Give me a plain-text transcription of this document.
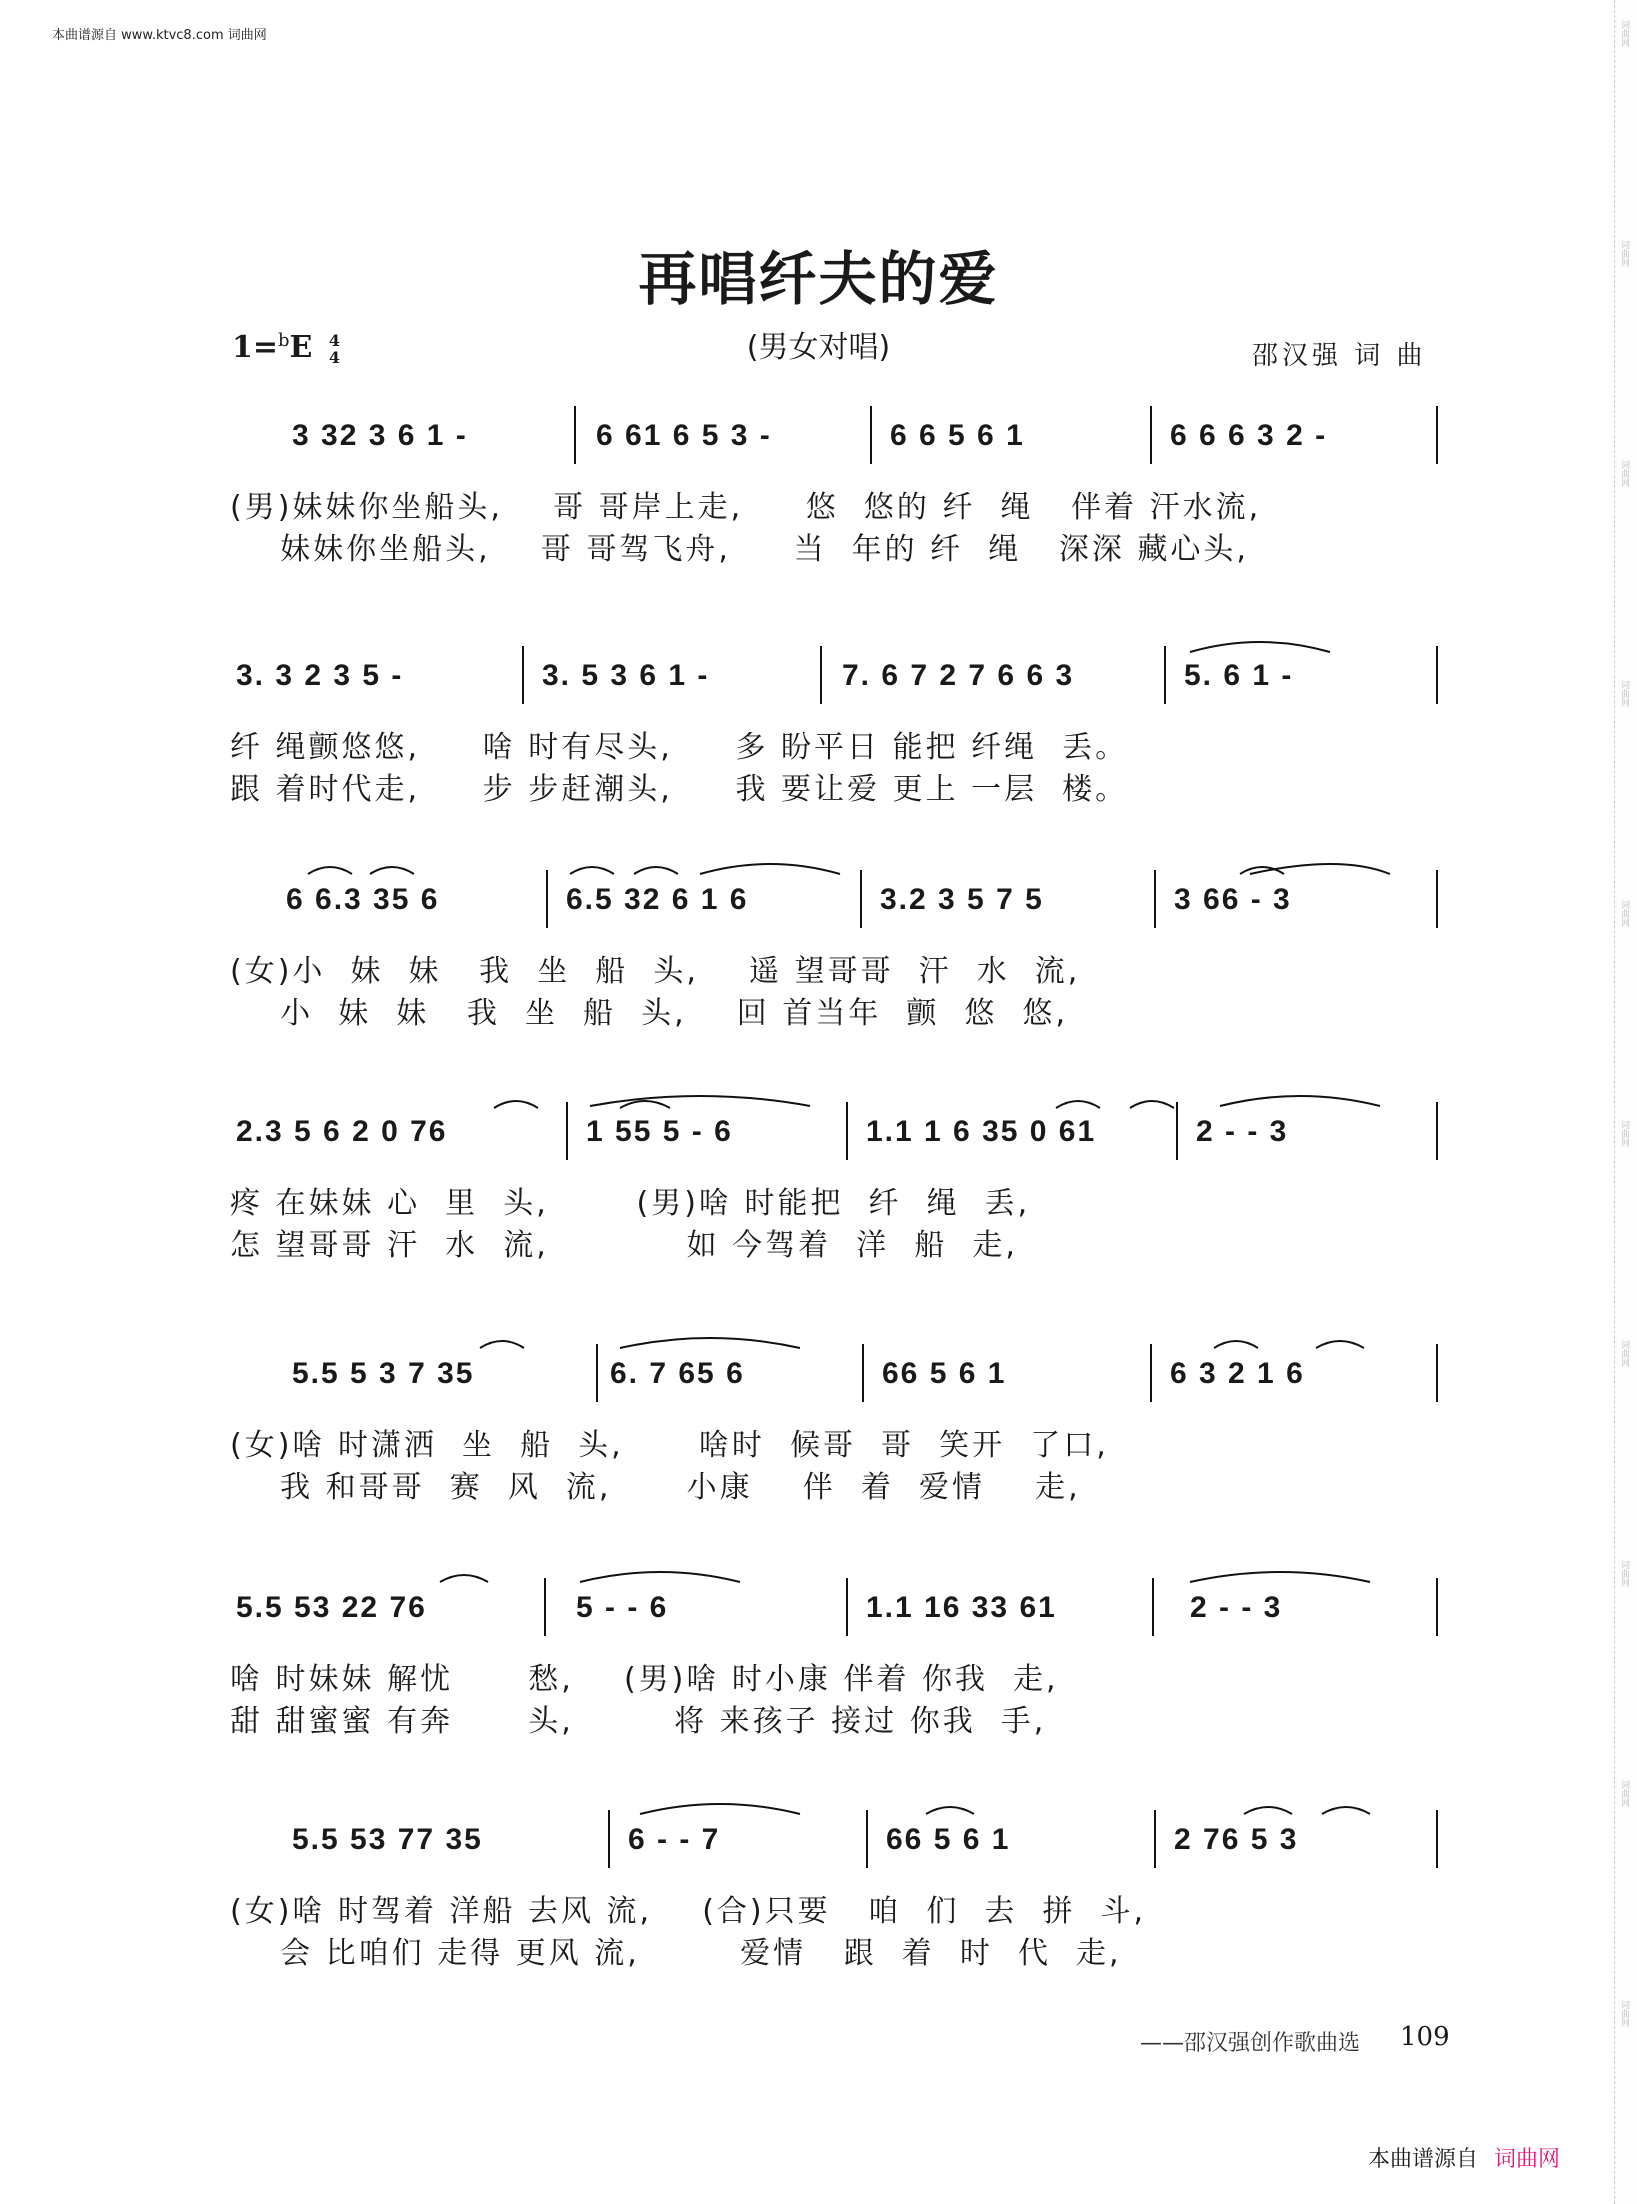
本曲谱源自 www.ktvc8.com 词曲网	词曲网
词曲网
词曲网
词曲网
词曲网
词曲网
词曲网
词曲网
词曲网
词曲网
再唱纤夫的爱
(男女对唱)
1=$^b$E 4
4	邵汉强 词 曲
3 32 3 6 1 -	6 61 6 5 3 -	6 6 5 6 1	6 6 6 3 2 -
(男)妹妹你坐船头,    哥 哥岸上走,     悠  悠的 纤  绳   伴着 汗水流,
妹妹你坐船头,    哥 哥驾飞舟,     当  年的 纤  绳   深深 藏心头,
3. 3 2 3 5 -	3. 5 3 6 1 -	7. 6 7 2 7 6 6 3	5. 6 1 -
纤 绳颤悠悠,     啥 时有尽头,     多 盼平日 能把 纤绳  丢。
跟 着时代走,     步 步赶潮头,     我 要让爱 更上 一层  楼。
6 6.3 35 6	6.5 32 6 1 6	3.2 3 5 7 5	3 66 - 3
(女)小  妹  妹   我  坐  船  头,    遥 望哥哥  汗  水  流,
小  妹  妹   我  坐  船  头,    回 首当年  颤  悠  悠,
2.3 5 6 2 0 76	1 55 5 - 6	1.1 1 6 35 0 61	2 - - 3
疼 在妹妹 心  里  头,       (男)啥 时能把  纤  绳  丢,
怎 望哥哥 汗  水  流,           如 今驾着  洋  船  走,
5.5 5 3 7 35	6. 7 65 6	66 5 6 1	6 3 2 1 6
(女)啥 时潇洒  坐  船  头,      啥时  候哥  哥  笑开  了口,
我 和哥哥  赛  风  流,      小康    伴  着  爱情    走,
5.5 53 22 76	5 - - 6	1.1 16 33 61	2 - - 3
啥 时妹妹 解忧      愁,    (男)啥 时小康 伴着 你我  走,
甜 甜蜜蜜 有奔      头,        将 来孩子 接过 你我  手,
5.5 53 77 35	6 - - 7	66 5 6 1	2 76 5 3
(女)啥 时驾着 洋船 去风 流,    (合)只要   咱  们  去  拼  斗,
会 比咱们 走得 更风 流,        爱情   跟  着  时  代  走,
——邵汉强创作歌曲选 109
本曲谱源自 词曲网
